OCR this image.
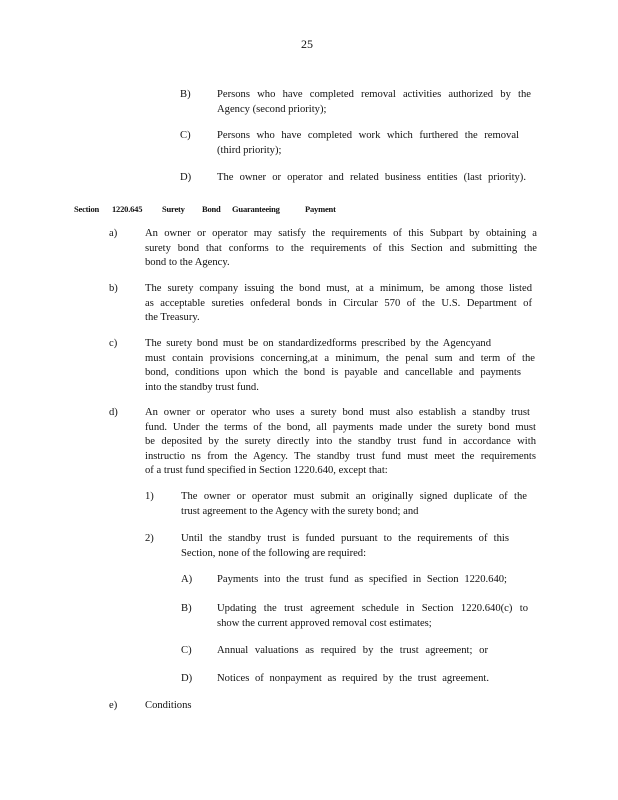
25
B) Persons who have completed removal activities authorized by the
Agency (second priority);
C) Persons who have completed work which furthered the removal
(third priority);
D) The owner or operator and related business entities (last priority).
Section 1220.645 Surety Bond Guaranteeing	Payment
a)	An owner or operator may satisfy the requirements of this Subpart by obtaining a
surety bond that conforms to the requirements of this Section and submitting the
bond to the Agency.
b)	The surety company issuing the bond must, at a minimum, be among those listed
as acceptable sureties onfederal bonds in Circular 570 of the U.S. Department of
the Treasury.
c)	The surety bond must be on standardizedforms prescribed by the Agencyand
must contain provisions concerning,at a minimum, the penal sum and term of the
bond, conditions upon which the bond is payable and cancellable and payments
into the standby trust fund.
d)	An owner or operator who uses a surety bond must also establish a standby trust
fund. Under the terms of the bond, all payments made under the surety bond must
be deposited by the surety directly into the standby trust fund in accordance with
instructio ns from the Agency. The standby trust fund must meet the requirements
of a trust fund specified in Section 1220.640, except that:
1)	The owner or operator must submit an originally signed duplicate of the
trust agreement to the Agency with the surety bond; and
2)	Until the standby trust is funded pursuant to the requirements of this
Section, none of the following are required:
A) Payments into the trust fund as specified in Section 1220.640;
B) Updating the trust agreement schedule in Section 1220.640(c) to
show the current approved removal cost estimates;
C) Annual valuations as required by the trust agreement; or
D) Notices of nonpayment as required by the trust agreement.
e)	Conditions
